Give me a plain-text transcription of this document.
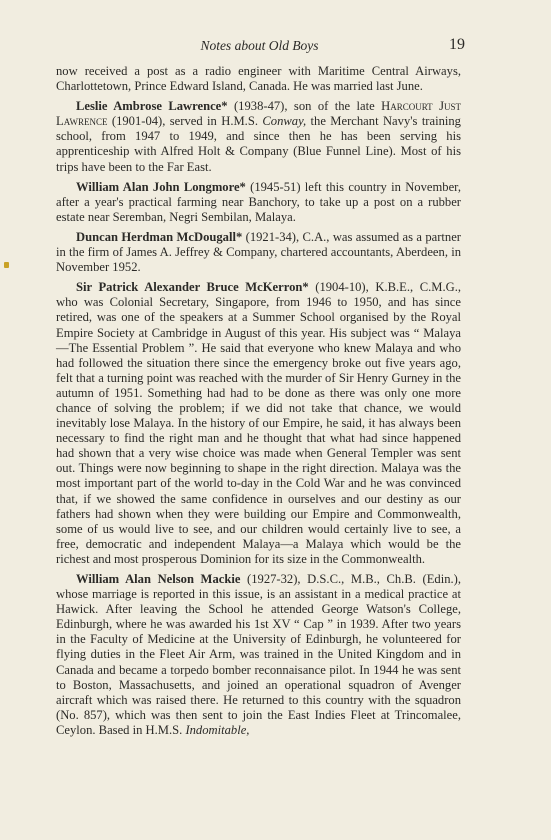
Notes about Old Boys	19

now received a post as a radio engineer with Maritime Central Airways, Charlottetown, Prince Edward Island, Canada. He was married last June.

Leslie Ambrose Lawrence* (1938-47), son of the late Harcourt Just Lawrence (1901-04), served in H.M.S. Conway, the Merchant Navy's training school, from 1947 to 1949, and since then he has been serving his apprenticeship with Alfred Holt & Company (Blue Funnel Line). Most of his trips have been to the Far East.

William Alan John Longmore* (1945-51) left this country in November, after a year's practical farming near Banchory, to take up a post on a rubber estate near Seremban, Negri Sembilan, Malaya.

Duncan Herdman McDougall* (1921-34), C.A., was assumed as a partner in the firm of James A. Jeffrey & Company, chartered accountants, Aberdeen, in November 1952.

Sir Patrick Alexander Bruce McKerron* (1904-10), K.B.E., C.M.G., who was Colonial Secretary, Singapore, from 1946 to 1950, and has since retired, was one of the speakers at a Summer School organised by the Royal Empire Society at Cambridge in August of this year. His subject was “ Malaya—The Essential Problem ”. He said that everyone who knew Malaya and who had followed the situation there since the emergency broke out five years ago, felt that a turning point was reached with the murder of Sir Henry Gurney in the autumn of 1951. Something had had to be done as there was only one more chance of solving the problem; if we did not take that chance, we would inevitably lose Malaya. In the history of our Empire, he said, it has always been necessary to find the right man and he thought that what had since happened had shown that a very wise choice was made when General Templer was sent out. Things were now beginning to shape in the right direction. Malaya was the most important part of the world to-day in the Cold War and he was convinced that, if we showed the same confidence in ourselves and our destiny as our fathers had shown when they were building our Empire and Commonwealth, some of us would live to see, and our children would certainly live to see, a free, democratic and independent Malaya—a Malaya which would be the richest and most prosperous Dominion for its size in the Commonwealth.

William Alan Nelson Mackie (1927-32), D.S.C., M.B., Ch.B. (Edin.), whose marriage is reported in this issue, is an assistant in a medical practice at Hawick. After leaving the School he attended George Watson's College, Edinburgh, where he was awarded his 1st XV “ Cap ” in 1939. After two years in the Faculty of Medicine at the University of Edinburgh, he volunteered for flying duties in the Fleet Air Arm, was trained in the United Kingdom and in Canada and became a torpedo bomber reconnaisance pilot. In 1944 he was sent to Boston, Massachusetts, and joined an operational squadron of Avenger aircraft which was raised there. He returned to this country with the squadron (No. 857), which was then sent to join the East Indies Fleet at Trincomalee, Ceylon. Based in H.M.S. Indomitable,
